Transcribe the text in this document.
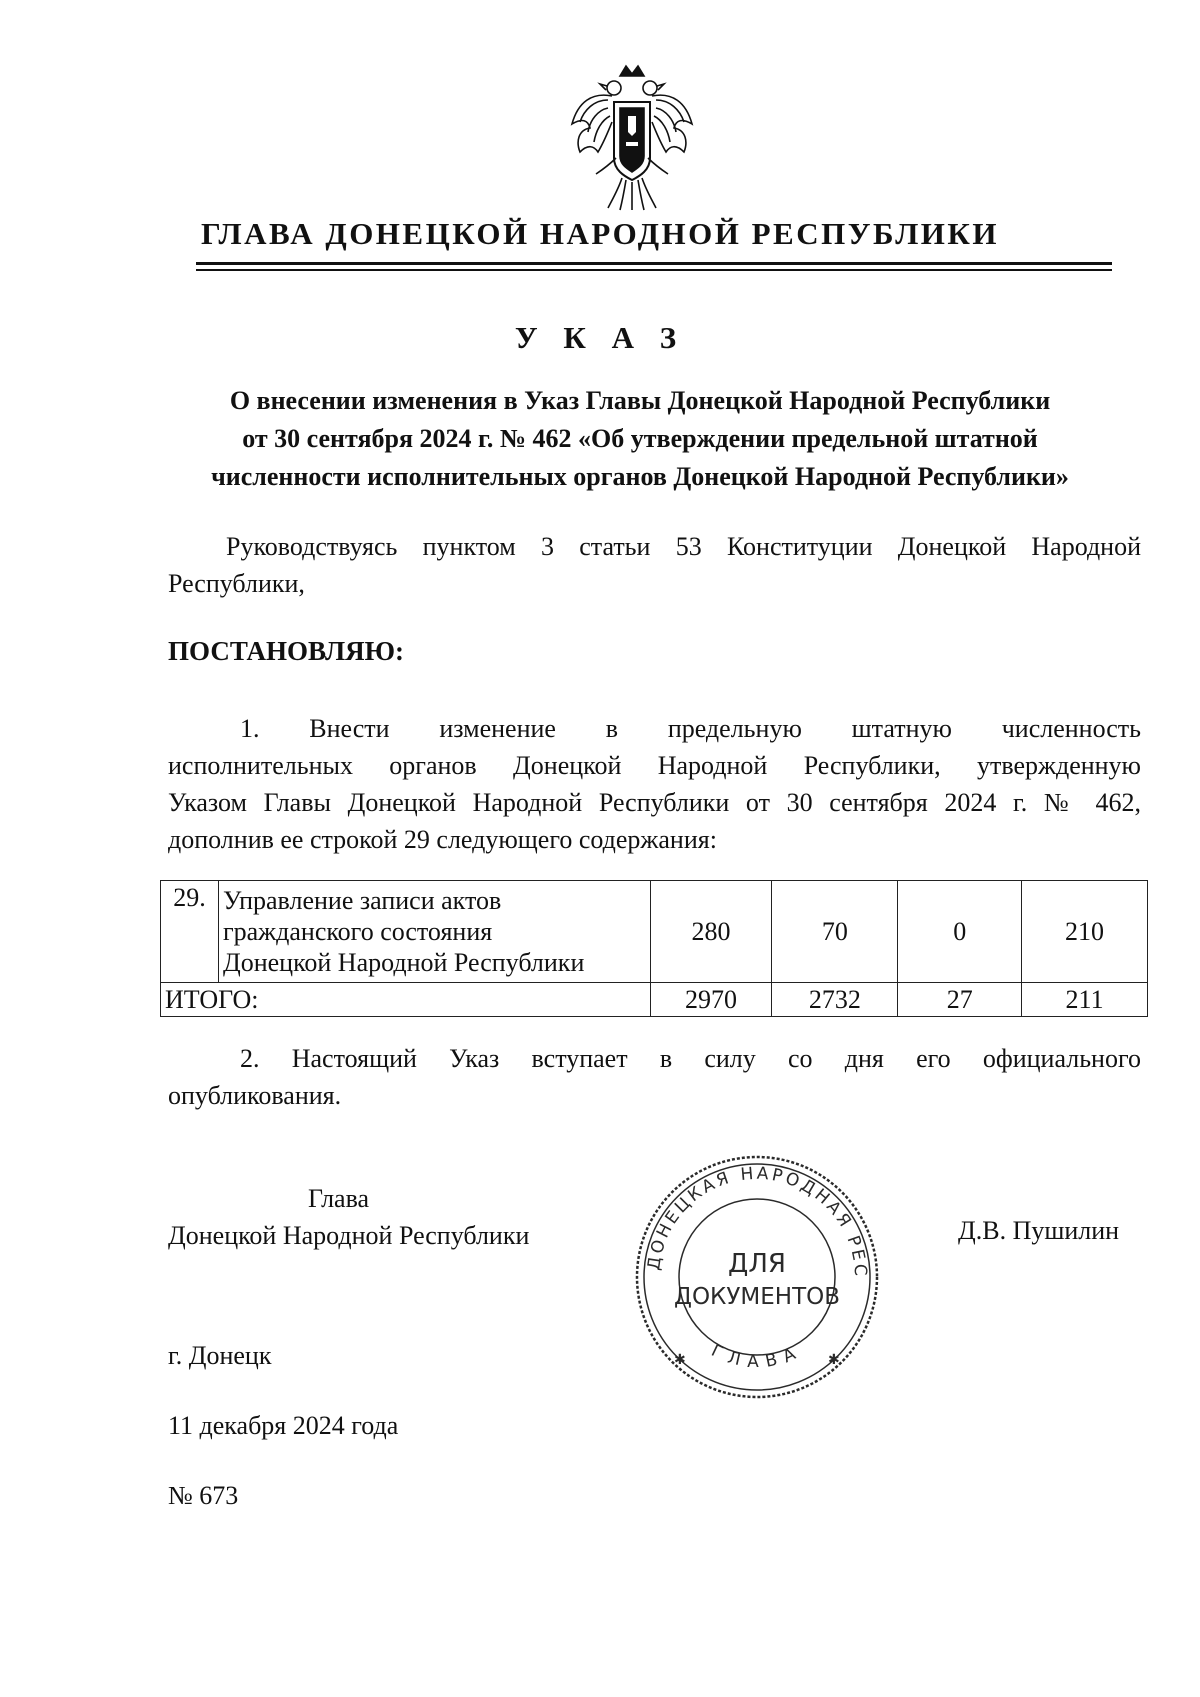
ГЛАВА ДОНЕЦКОЙ НАРОДНОЙ РЕСПУБЛИКИ
У К А З
О внесении изменения в Указ Главы Донецкой Народной Республики
от 30 сентября 2024 г. № 462 «Об утверждении предельной штатной
численности исполнительных органов Донецкой Народной Республики»
Руководствуясь пунктом 3 статьи 53 Конституции Донецкой Народной
Республики,
ПОСТАНОВЛЯЮ:
1. Внести изменение в предельную штатную численность
исполнительных органов Донецкой Народной Республики, утвержденную
Указом Главы Донецкой Народной Республики от 30 сентября 2024 г. № 462,
дополнив ее строкой 29 следующего содержания:
29.	Управление записи актов
гражданского состояния
Донецкой Народной Республики	280	70	0	210
ИТОГО:		2970	2732	27	211
2. Настоящий Указ вступает в силу со дня его официального
опубликования.
Глава
Донецкой Народной Республики
ДОНЕЦКАЯ НАРОДНАЯ РЕС
ГЛАВА
ДЛЯ
ДОКУМЕНТОВ
✱	✱
Д.В. Пушилин
г. Донецк
11 декабря 2024 года
№ 673
